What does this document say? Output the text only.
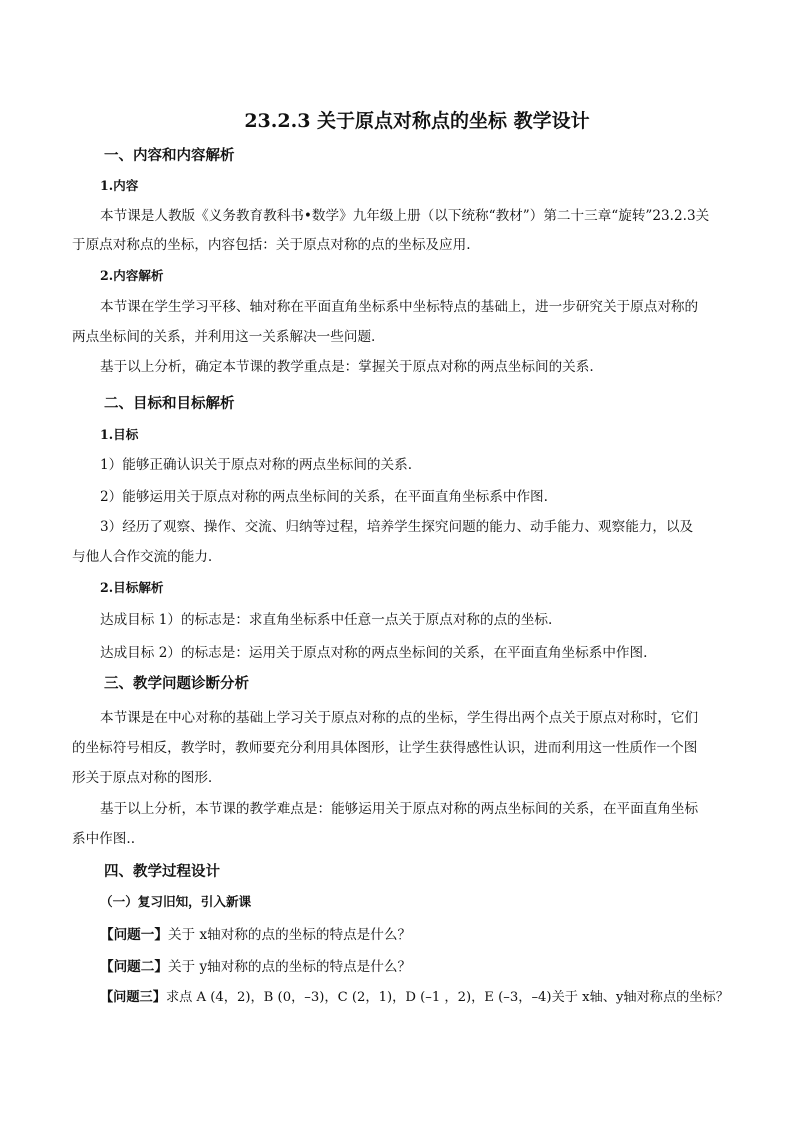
23.2.3 关于原点对称点的坐标 教学设计
一、内容和内容解析
1.内容
本节课是人教版《义务教育教科书•数学》九年级上册（以下统称“教材”）第二十三章“旋转”23.2.3关
于原点对称点的坐标，内容包括：关于原点对称的点的坐标及应用.
2.内容解析
本节课在学生学习平移、轴对称在平面直角坐标系中坐标特点的基础上，进一步研究关于原点对称的
两点坐标间的关系，并利用这一关系解决一些问题.
基于以上分析，确定本节课的教学重点是：掌握关于原点对称的两点坐标间的关系.
二、目标和目标解析
1.目标
1）能够正确认识关于原点对称的两点坐标间的关系.
2）能够运用关于原点对称的两点坐标间的关系，在平面直角坐标系中作图.
3）经历了观察、操作、交流、归纳等过程，培养学生探究问题的能力、动手能力、观察能力，以及
与他人合作交流的能力.
2.目标解析
达成目标 1）的标志是：求直角坐标系中任意一点关于原点对称的点的坐标.
达成目标 2）的标志是：运用关于原点对称的两点坐标间的关系，在平面直角坐标系中作图.
三、教学问题诊断分析
本节课是在中心对称的基础上学习关于原点对称的点的坐标，学生得出两个点关于原点对称时，它们
的坐标符号相反，教学时，教师要充分利用具体图形，让学生获得感性认识，进而利用这一性质作一个图
形关于原点对称的图形.
基于以上分析，本节课的教学难点是：能够运用关于原点对称的两点坐标间的关系，在平面直角坐标
系中作图..
四、教学过程设计
（一）复习旧知，引入新课
【问题一】关于 x轴对称的点的坐标的特点是什么？
【问题二】关于 y轴对称的点的坐标的特点是什么？
【问题三】求点 A (4，2)，B (0，–3)，C (2，1)，D (–1 ，2)，E (–3，–4)关于 x轴、y轴对称点的坐标？
